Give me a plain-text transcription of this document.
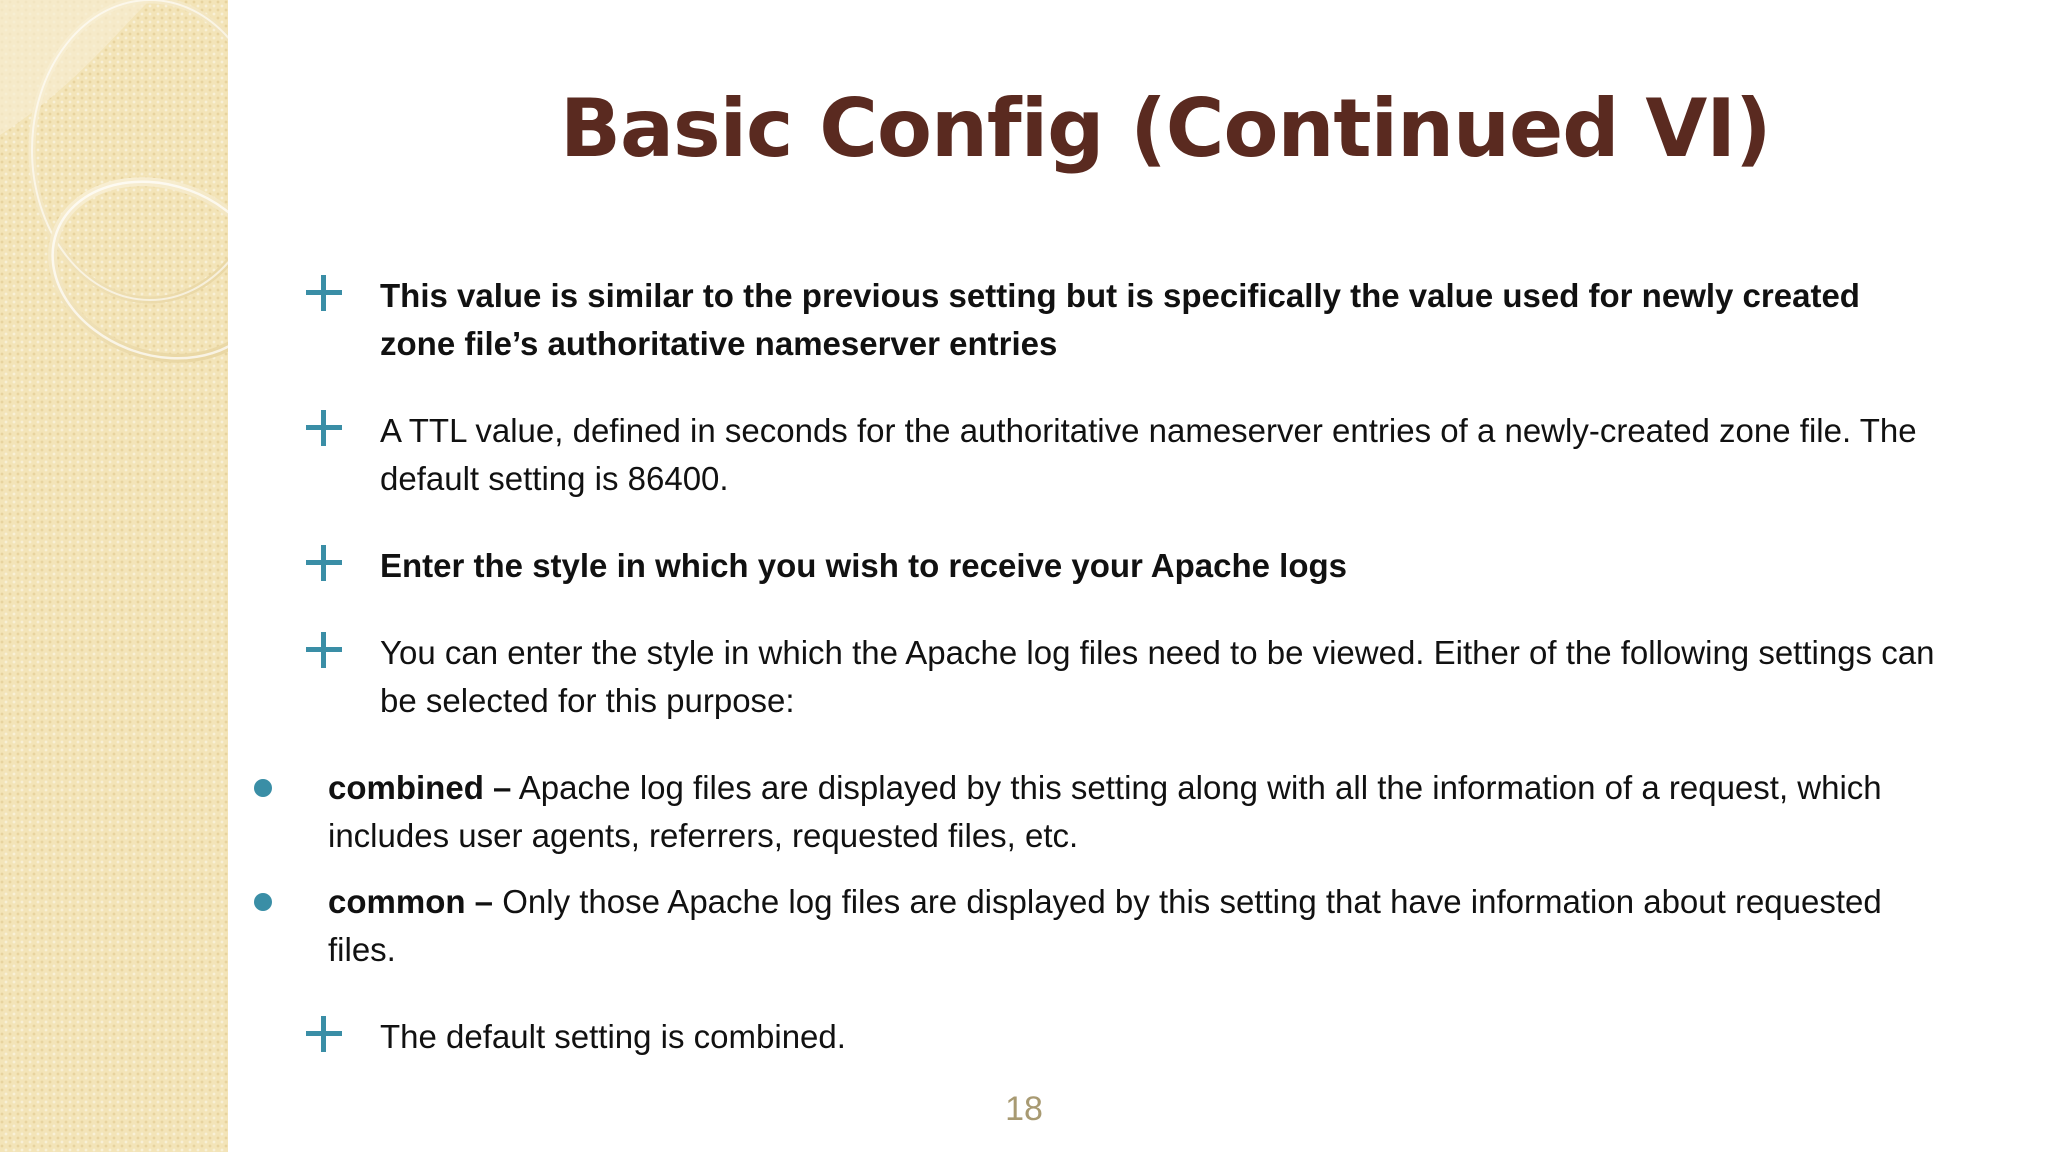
Basic Config (Continued VI)
This value is similar to the previous setting but is specifically the value used for newly created zone file’s authoritative nameserver entries
A TTL value, defined in seconds for the authoritative nameserver entries of a newly-created zone file. The default setting is 86400.
Enter the style in which you wish to receive your Apache logs
You can enter the style in which the Apache log files need to be viewed. Either of the following settings can be selected for this purpose:
combined – Apache log files are displayed by this setting along with all the information of a request, which includes user agents, referrers, requested files, etc.
common – Only those Apache log files are displayed by this setting that have information about requested files.
The default setting is combined.
18
